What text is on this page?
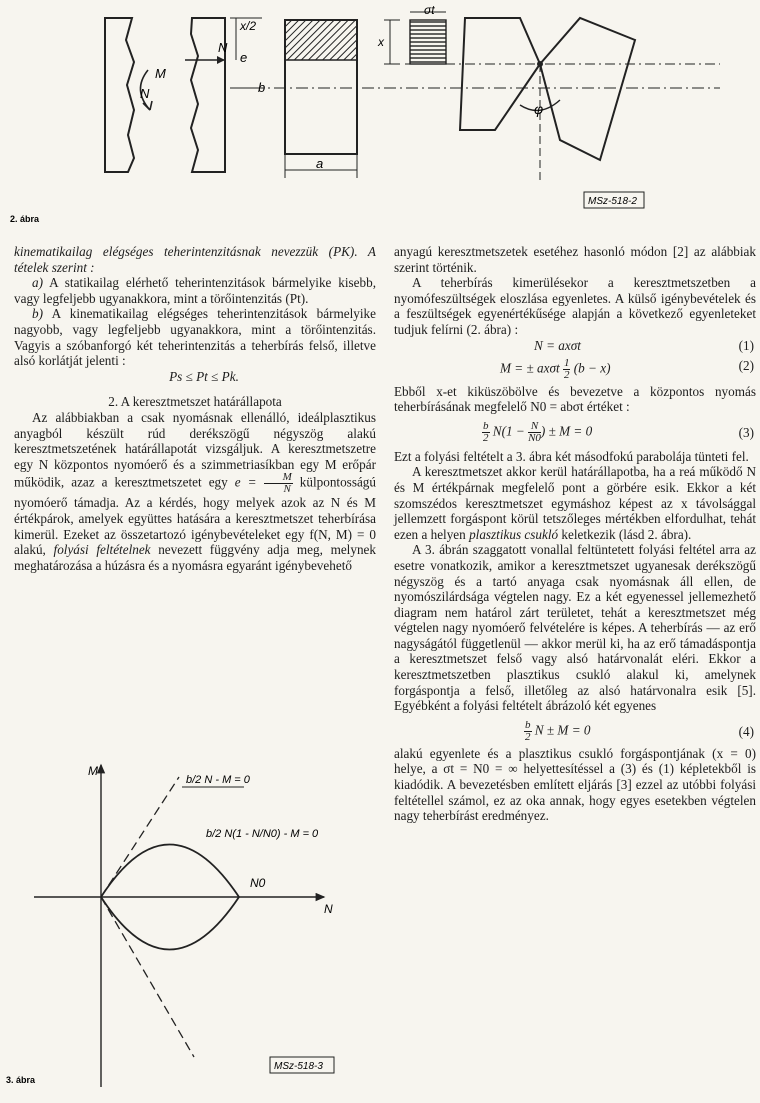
x/2
e
M
N
N
b
a
x
σt
φ
MSz-518-2
2. ábra

kinematikailag elégséges teherintenzitásnak nevezzük (PK). A tételek szerint :

a) A statikailag elérhető teherintenzitások bármelyike kisebb, vagy legfeljebb ugyanakkora, mint a törőintenzitás (Pt).

b) A kinematikailag elégséges teherintenzitások bármelyike nagyobb, vagy legfeljebb ugyanakkora, mint a törőintenzitás. Vagyis a szóbanforgó két teherintenzitás a teherbírás felső, illetve alsó korlátját jelenti :

Ps ≤ Pt ≤ Pk.

2. A keresztmetszet határállapota

Az alábbiakban a csak nyomásnak ellenálló, ideálplasztikus anyagból készült rúd derékszögű négyszög alakú keresztmetszetének határállapotát vizsgáljuk. A keresztmetszetre egy N központos nyomóerő és a szimmetriasíkban egy M erőpár működik, azaz a keresztmetszetet egy $e = \frac{M}{N}$ külpontosságú nyomóerő támadja. Az a kérdés, hogy melyek azok az N és M értékpárok, amelyek együttes hatására a keresztmetszet teherbírása kimerül. Ezeket az összetartozó igénybevételeket egy f(N, M) = 0 alakú, folyási feltételnek nevezett függvény adja meg, melynek meghatározása a húzásra és a nyomásra egyaránt igénybevehető

M
N
N0
b/2 N - M = 0
b/2 N(1 - N/N0) - M = 0
MSz-518-3
3. ábra

anyagú keresztmetszetek esetéhez hasonló módon [2] az alábbiak szerint történik.

A teherbírás kimerülésekor a keresztmetszetben a nyomófeszültségek eloszlása egyenletes. A külső igénybevételek és a feszültségek egyenértékűsége alapján a következő egyenleteket tudjuk felírni (2. ábra) :

N = axσt	(1)
M = ± axσt $\frac{1}{2} (b - x)$	(2)

Ebből x-et kiküszöbölve és bevezetve a központos nyomás teherbírásának megfelelő N0 = abσt értéket :

$\frac{b}{2} N(1 - \frac{N}{N0}$ ) ± M = 0	(3)

Ezt a folyási feltételt a 3. ábra két másodfokú parabolája tünteti fel.

A keresztmetszet akkor kerül határállapotba, ha a reá működő N és M értékpárnak megfelelő pont a görbére esik. Ekkor a két szomszédos keresztmetszet egymáshoz képest az x távolsággal jellemzett forgáspont körül tetszőleges mértékben elfordulhat, tehát ezen a helyen plasztikus csukló keletkezik (lásd 2. ábra).

A 3. ábrán szaggatott vonallal feltüntetett folyási feltétel arra az esetre vonatkozik, amikor a keresztmetszet ugyanesak derékszögű négyszög és a tartó anyaga csak nyomásnak áll ellen, de nyomószilárdsága végtelen nagy. Ez a két egyenessel jellemezhető diagram nem határol zárt területet, tehát a keresztmetszet még végtelen nagy nyomóerő felvételére is képes. A teherbírás — az erő nagyságától függetlenül — akkor merül ki, ha az erő támadáspontja a keresztmetszet felső vagy alsó határvonalát eléri. Ekkor a keresztmetszetben plasztikus csukló alakul ki, amelynek forgáspontja a felső, illetőleg az alsó határvonalra esik [5]. Egyébként a folyási feltételt ábrázoló két egyenes

$\frac{b}{2}$ N ± M = 0	(4)

alakú egyenlete és a plasztikus csukló forgáspontjának (x = 0) helye, a σt = N0 = ∞ helyettesítéssel a (3) és (1) képletekből is kiadódik. A bevezetésben említett eljárás [3] ezzel az utóbbi folyási feltétellel számol, ez az oka annak, hogy egyes esetekben végtelen nagy teherbírást eredményez.
